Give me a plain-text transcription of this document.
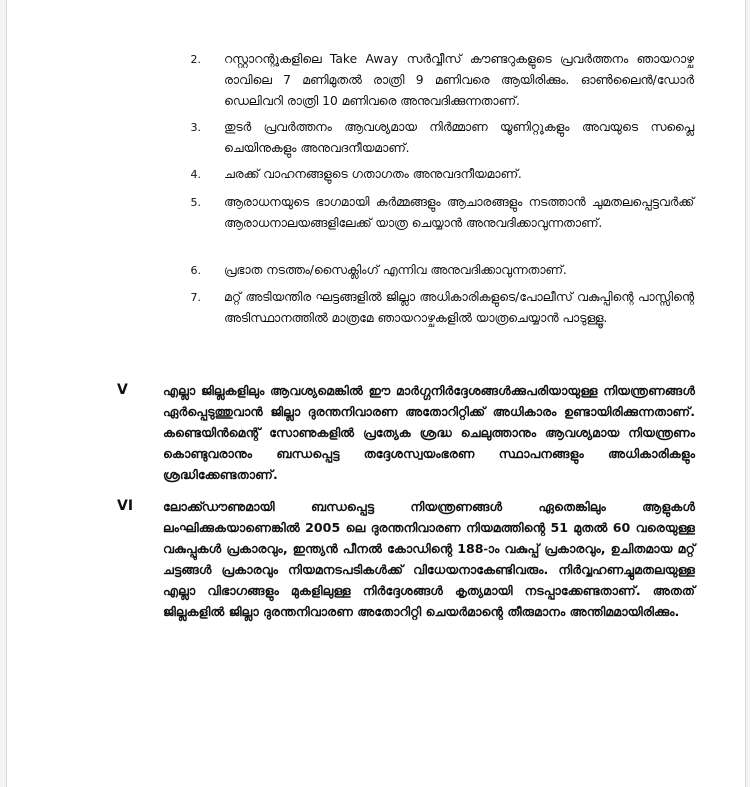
2. റസ്റ്റാറന്റുകളിലെ Take Away സർവ്വീസ് കൗണ്ടറുകളുടെ പ്രവർത്തനം ഞായറാഴ്ച രാവിലെ 7 മണിമുതൽ രാത്രി 9 മണിവരെ ആയിരിക്കും. ഓൺലൈൻ/ഡോർ ഡെലിവറി രാത്രി 10 മണിവരെ അനുവദിക്കുന്നതാണ്.
3. തുടർ പ്രവർത്തനം ആവശ്യമായ നിർമ്മാണ യൂണിറ്റുകളും അവയുടെ സപ്ലൈ ചെയിനുകളും അനുവദനീയമാണ്.
4. ചരക്ക് വാഹനങ്ങളുടെ ഗതാഗതം അനുവദനീയമാണ്.
5. ആരാധനയുടെ ഭാഗമായി കർമ്മങ്ങളും ആചാരങ്ങളും നടത്താൻ ചുമതലപ്പെട്ടവർക്ക് ആരാധനാലയങ്ങളിലേക്ക് യാത്ര ചെയ്യാൻ അനുവദിക്കാവുന്നതാണ്.
6. പ്രഭാത നടത്തം/സൈക്ലിംഗ് എന്നിവ അനുവദിക്കാവുന്നതാണ്.
7. മറ്റ് അടിയന്തിര ഘട്ടങ്ങളിൽ ജില്ലാ അധികാരികളുടെ/പോലീസ് വകുപ്പിന്റെ പാസ്സിന്റെ അടിസ്ഥാനത്തിൽ മാത്രമേ ഞായറാഴ്ചകളിൽ യാത്രചെയ്യാൻ പാടുള്ളൂ.
V	എല്ലാ ജില്ലകളിലും ആവശ്യമെങ്കിൽ ഈ മാർഗ്ഗനിർദ്ദേശങ്ങൾക്കുപരിയായുള്ള നിയന്ത്രണങ്ങൾ ഏർപ്പെടുത്തുവാൻ ജില്ലാ ദുരന്തനിവാരണ അതോറിറ്റിക്ക് അധികാരം ഉണ്ടായിരിക്കുന്നതാണ്. കണ്ടെയിൻമെന്റ് സോണുകളിൽ പ്രത്യേക ശ്രദ്ധ ചെലുത്താനും ആവശ്യമായ നിയന്ത്രണം കൊണ്ടുവരാനും ബന്ധപ്പെട്ട തദ്ദേശസ്വയംഭരണ സ്ഥാപനങ്ങളും അധികാരികളും ശ്രദ്ധിക്കേണ്ടതാണ്.
VI	ലോക്ക്ഡൗണുമായി ബന്ധപ്പെട്ട നിയന്ത്രണങ്ങൾ ഏതെങ്കിലും ആളുകൾ ലംഘിക്കുകയാണെങ്കിൽ 2005 ലെ ദുരന്തനിവാരണ നിയമത്തിന്റെ 51 മുതൽ 60 വരെയുള്ള വകുപ്പുകൾ പ്രകാരവും, ഇന്ത്യൻ പീനൽ കോഡിന്റെ 188-ാം വകുപ്പ് പ്രകാരവും, ഉചിതമായ മറ്റ് ചട്ടങ്ങൾ പ്രകാരവും നിയമനടപടികൾക്ക് വിധേയനാകേണ്ടിവരും. നിർവ്വഹണച്ചുമതലയുള്ള എല്ലാ വിഭാഗങ്ങളും മുകളിലുള്ള നിർദ്ദേശങ്ങൾ കൃത്യമായി നടപ്പാക്കേണ്ടതാണ്. അതത് ജില്ലകളിൽ ജില്ലാ ദുരന്തനിവാരണ അതോറിറ്റി ചെയർമാന്റെ തീരുമാനം അന്തിമമായിരിക്കും.
